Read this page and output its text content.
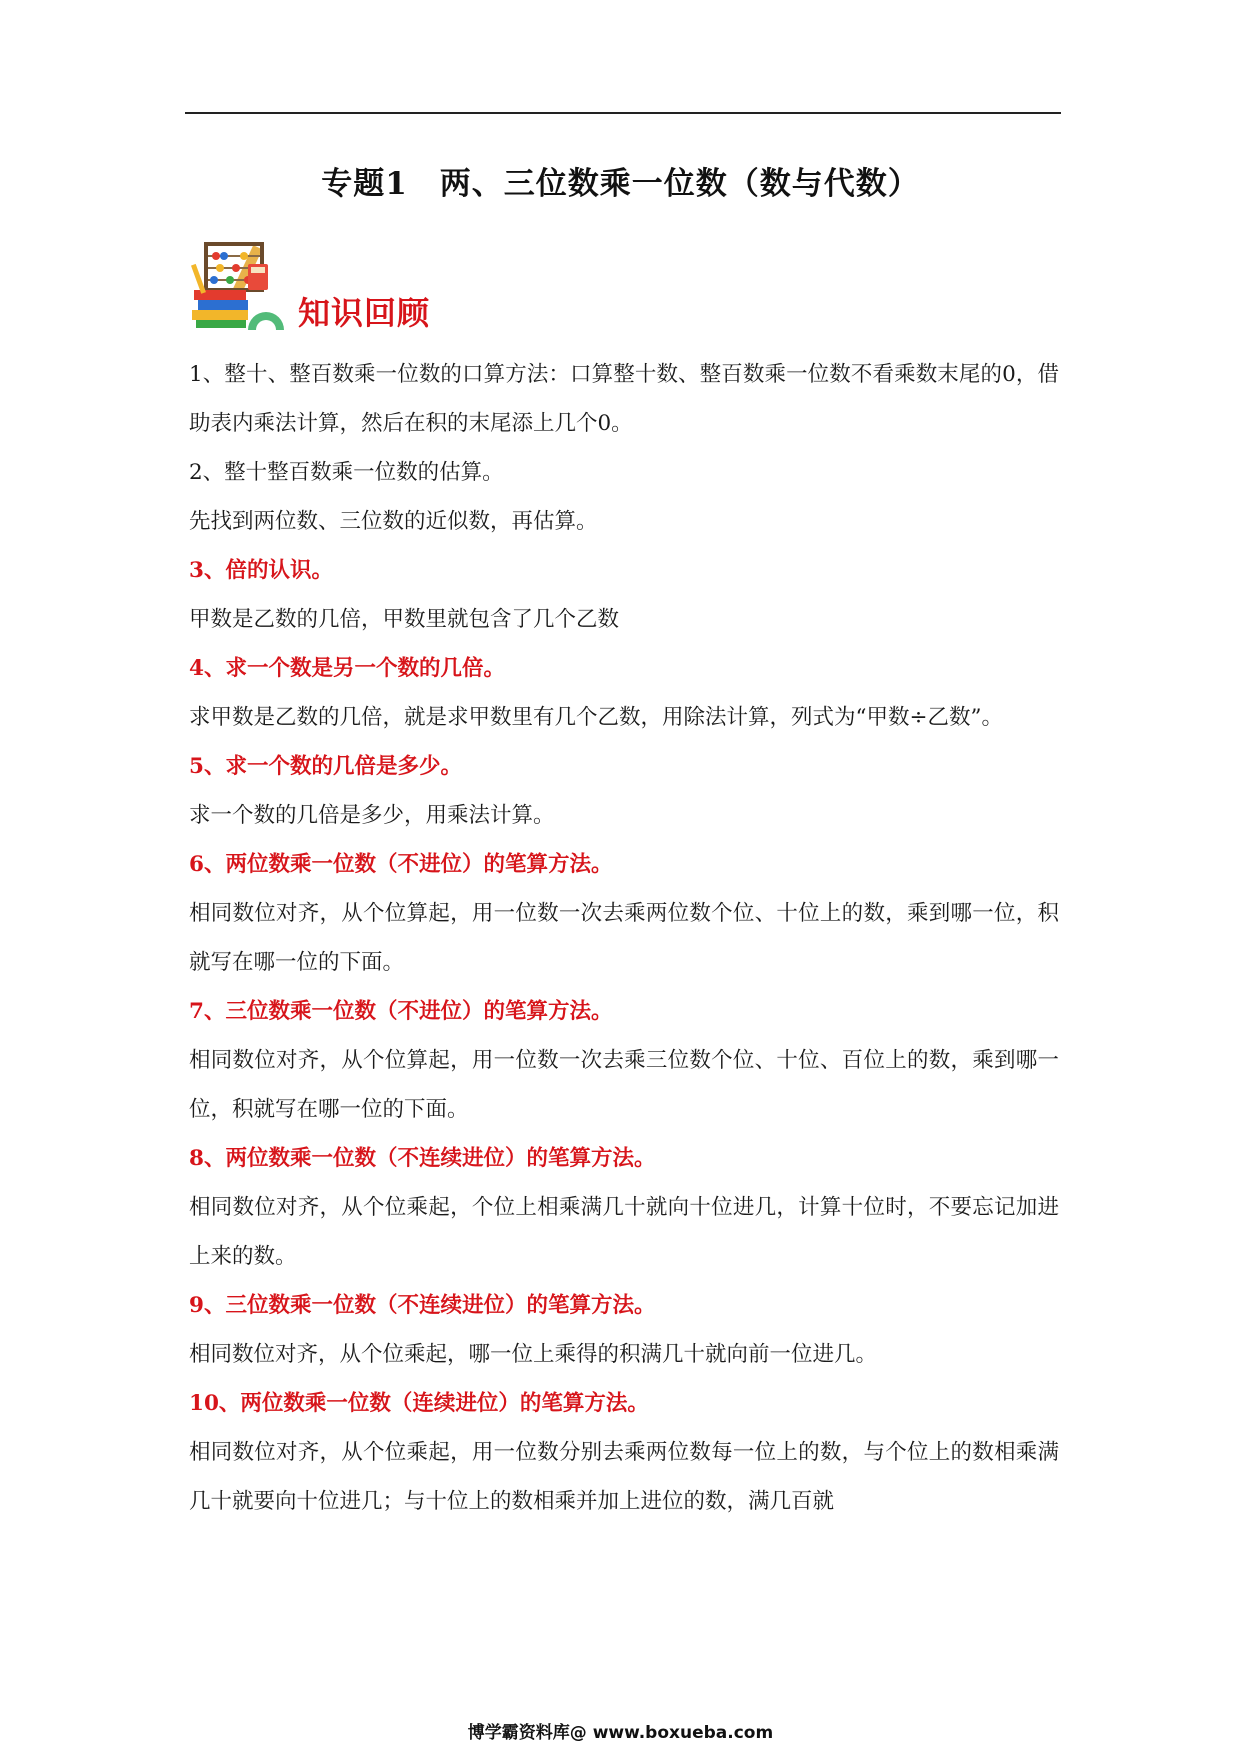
专题1　两、三位数乘一位数（数与代数）
知识回顾

1、整十、整百数乘一位数的口算方法：口算整十数、整百数乘一位数不看乘数末尾的0，借助表内乘法计算，然后在积的末尾添上几个0。

2、整十整百数乘一位数的估算。

先找到两位数、三位数的近似数，再估算。

3、倍的认识。

甲数是乙数的几倍，甲数里就包含了几个乙数

4、求一个数是另一个数的几倍。

求甲数是乙数的几倍，就是求甲数里有几个乙数，用除法计算，列式为“甲数÷乙数”。

5、求一个数的几倍是多少。

求一个数的几倍是多少，用乘法计算。

6、两位数乘一位数（不进位）的笔算方法。

相同数位对齐，从个位算起，用一位数一次去乘两位数个位、十位上的数，乘到哪一位，积就写在哪一位的下面。

7、三位数乘一位数（不进位）的笔算方法。

相同数位对齐，从个位算起，用一位数一次去乘三位数个位、十位、百位上的数，乘到哪一位，积就写在哪一位的下面。

8、两位数乘一位数（不连续进位）的笔算方法。

相同数位对齐，从个位乘起，个位上相乘满几十就向十位进几，计算十位时，不要忘记加进上来的数。

9、三位数乘一位数（不连续进位）的笔算方法。

相同数位对齐，从个位乘起，哪一位上乘得的积满几十就向前一位进几。

10、两位数乘一位数（连续进位）的笔算方法。

相同数位对齐，从个位乘起，用一位数分别去乘两位数每一位上的数，与个位上的数相乘满几十就要向十位进几；与十位上的数相乘并加上进位的数，满几百就

博学霸资料库@ www.boxueba.com
